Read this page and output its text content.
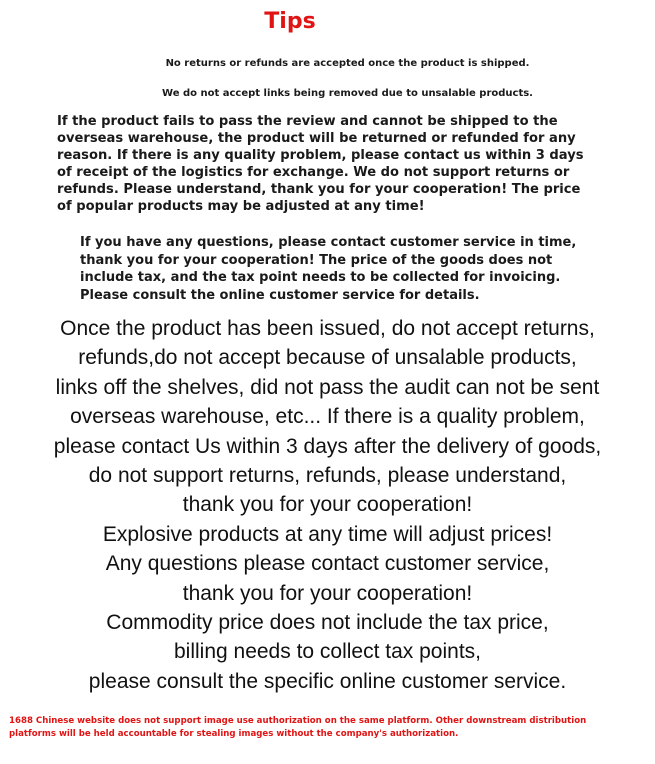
Tips
No returns or refunds are accepted once the product is shipped.
We do not accept links being removed due to unsalable products.
If the product fails to pass the review and cannot be shipped to the
overseas warehouse, the product will be returned or refunded for any
reason. If there is any quality problem, please contact us within 3 days
of receipt of the logistics for exchange. We do not support returns or
refunds. Please understand, thank you for your cooperation! The price
of popular products may be adjusted at any time!
If you have any questions, please contact customer service in time,
thank you for your cooperation! The price of the goods does not
include tax, and the tax point needs to be collected for invoicing.
Please consult the online customer service for details.
Once the product has been issued, do not accept returns,
refunds,do not accept because of unsalable products,
links off the shelves, did not pass the audit can not be sent
overseas warehouse, etc... If there is a quality problem,
please contact Us within 3 days after the delivery of goods,
do not support returns, refunds, please understand,
thank you for your cooperation!
Explosive products at any time will adjust prices!
Any questions please contact customer service,
thank you for your cooperation!
Commodity price does not include the tax price,
billing needs to collect tax points,
please consult the specific online customer service.
1688 Chinese website does not support image use authorization on the same platform. Other downstream distribution
platforms will be held accountable for stealing images without the company's authorization.
